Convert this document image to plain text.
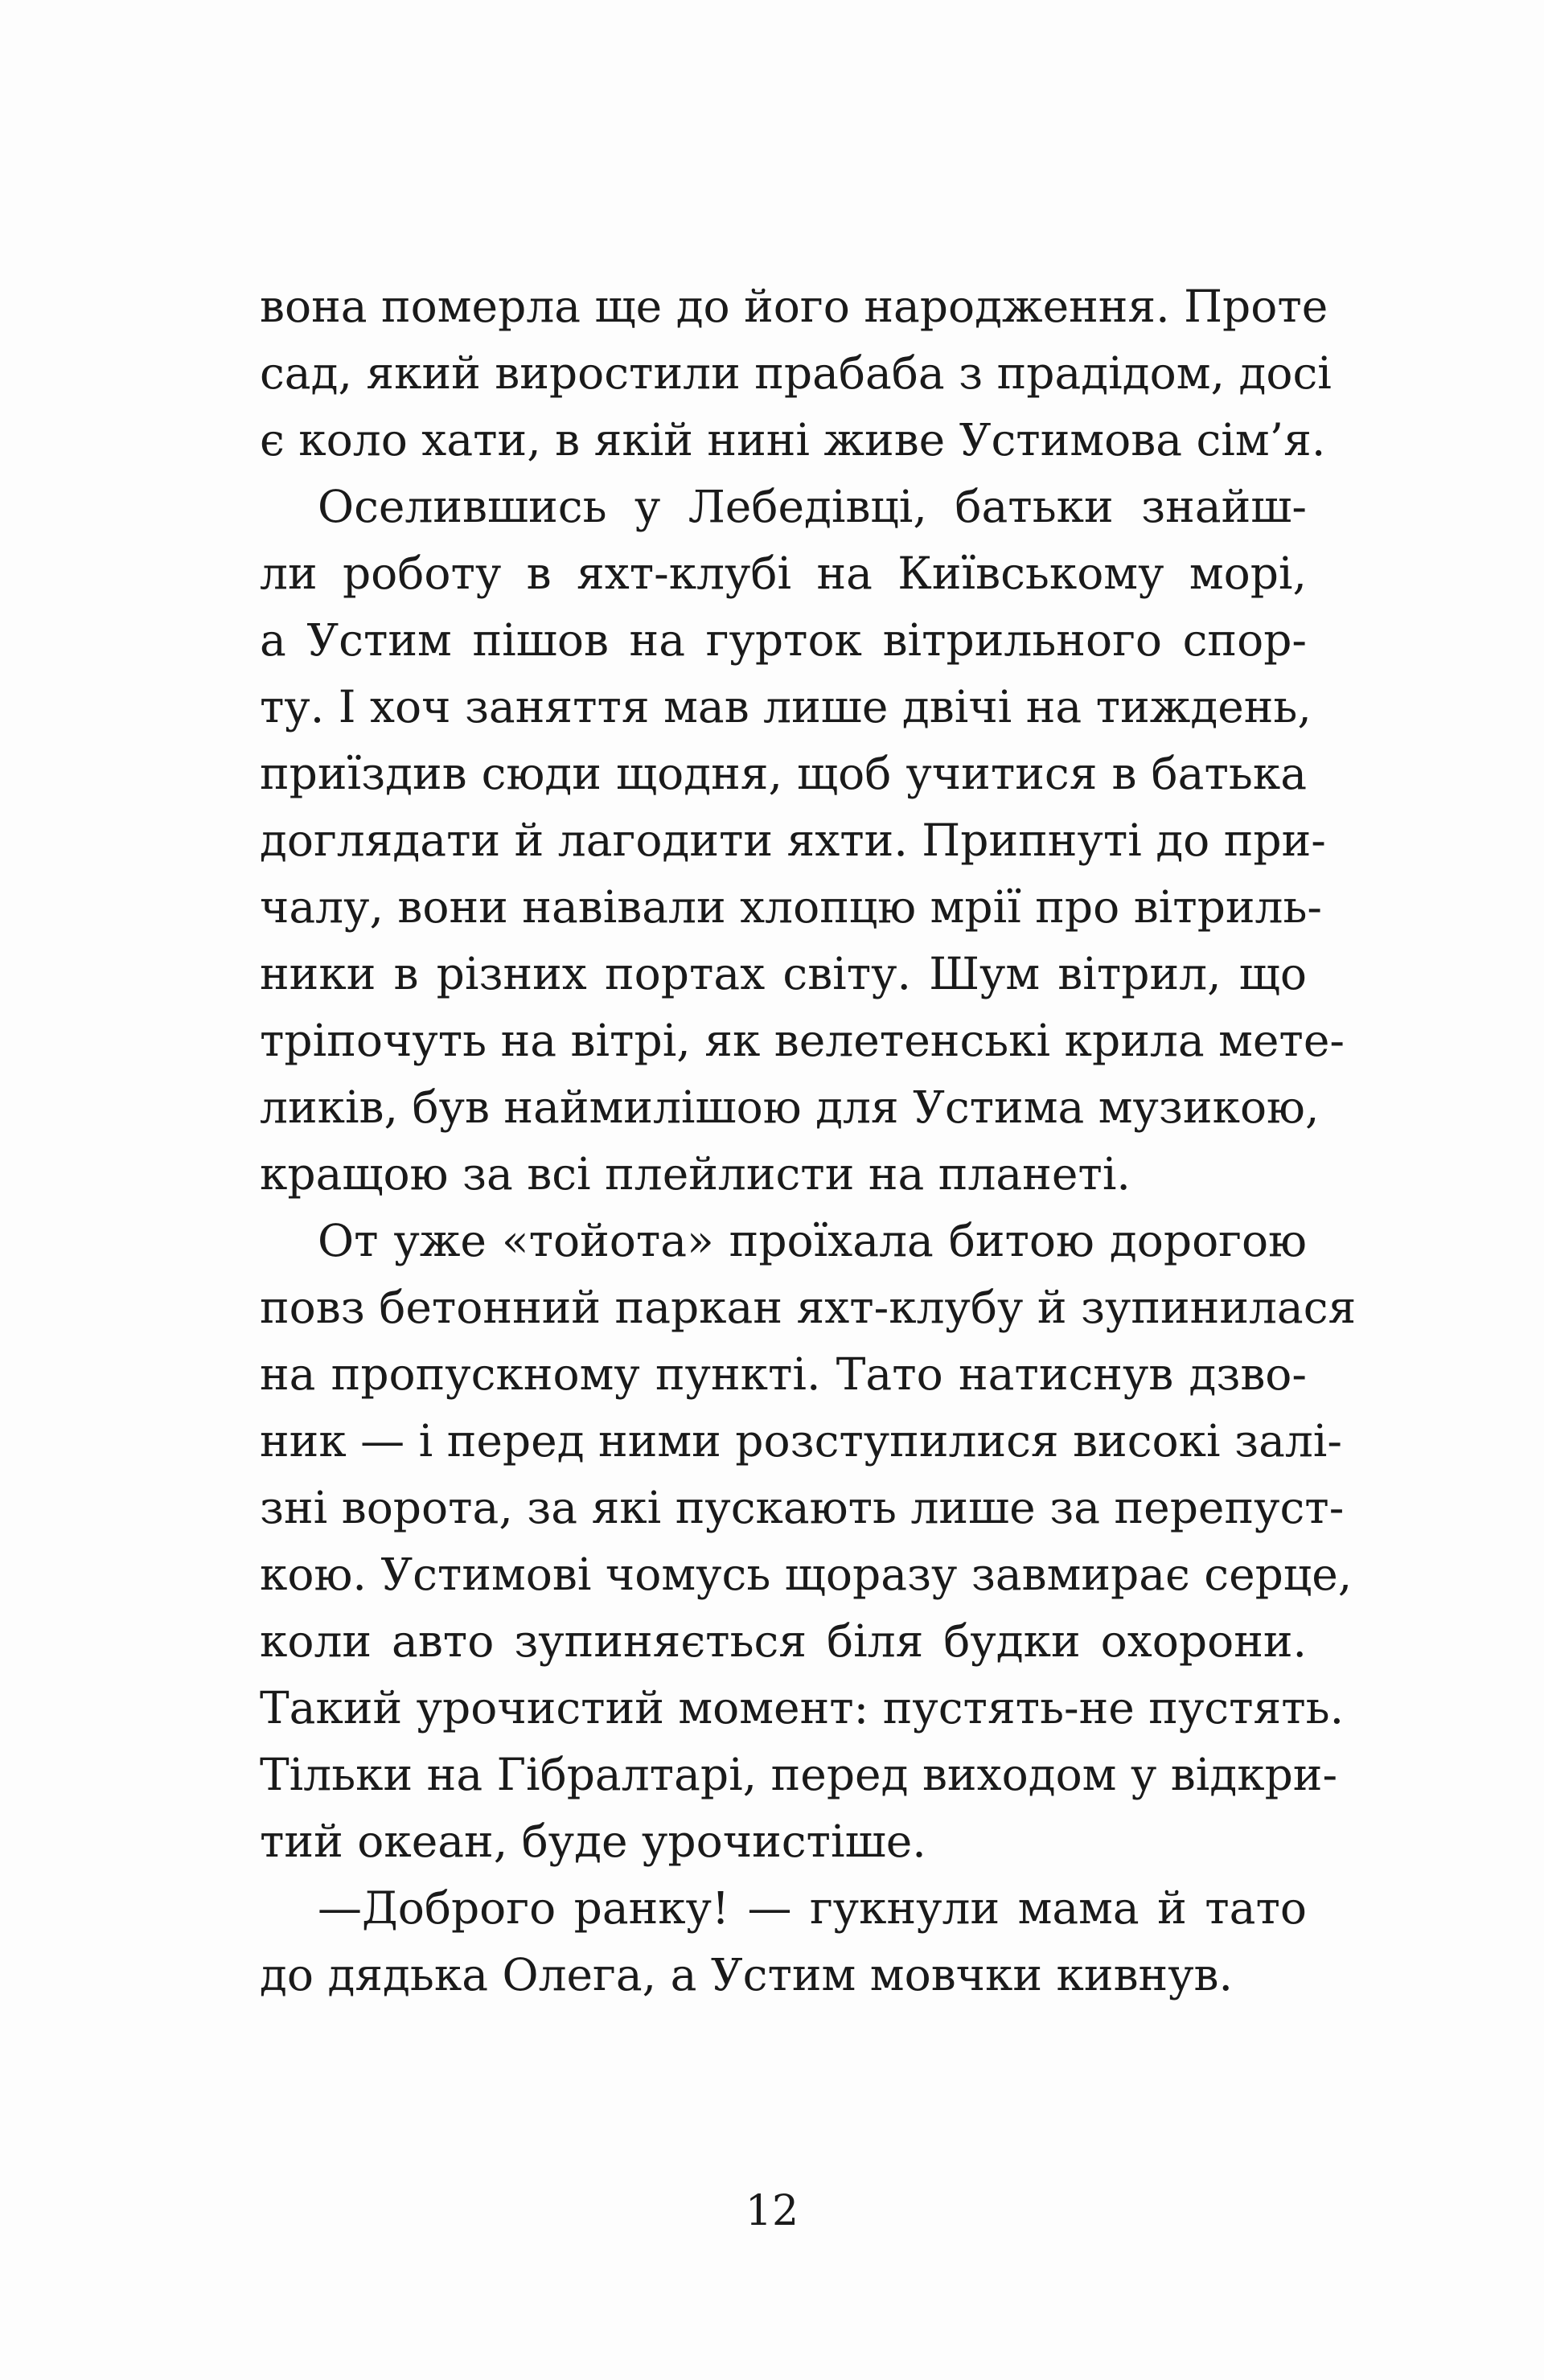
вона померла ще до його народження. Проте
сад, який виростили прабаба з прадідом, досі
є коло хати, в якій нині живе Устимова сім’я.
Оселившись у Лебедівці, батьки знайш-
ли роботу в яхт-клубі на Київському морі,
а Устим пішов на гурток вітрильного спор-
ту. І хоч заняття мав лише двічі на тиждень,
приїздив сюди щодня, щоб учитися в батька
доглядати й лагодити яхти. Припнуті до при-
чалу, вони навівали хлопцю мрії про вітриль-
ники в різних портах світу. Шум вітрил, що
тріпочуть на вітрі, як велетенські крила мете-
ликів, був наймилішою для Устима музикою,
кращою за всі плейлисти на планеті.
От уже «тойота» проїхала битою дорогою
повз бетонний паркан яхт-клубу й зупинилася
на пропускному пункті. Тато натиснув дзво-
ник — і перед ними розступилися високі залі-
зні ворота, за які пускають лише за перепуст-
кою. Устимові чомусь щоразу завмирає серце,
коли авто зупиняється біля будки охорони.
Такий урочистий момент: пустять-не пустять.
Тільки на Гібралтарі, перед виходом у відкри-
тий океан, буде урочистіше.
—Доброго ранку! — гукнули мама й тато
до дядька Олега, а Устим мовчки кивнув.
12
